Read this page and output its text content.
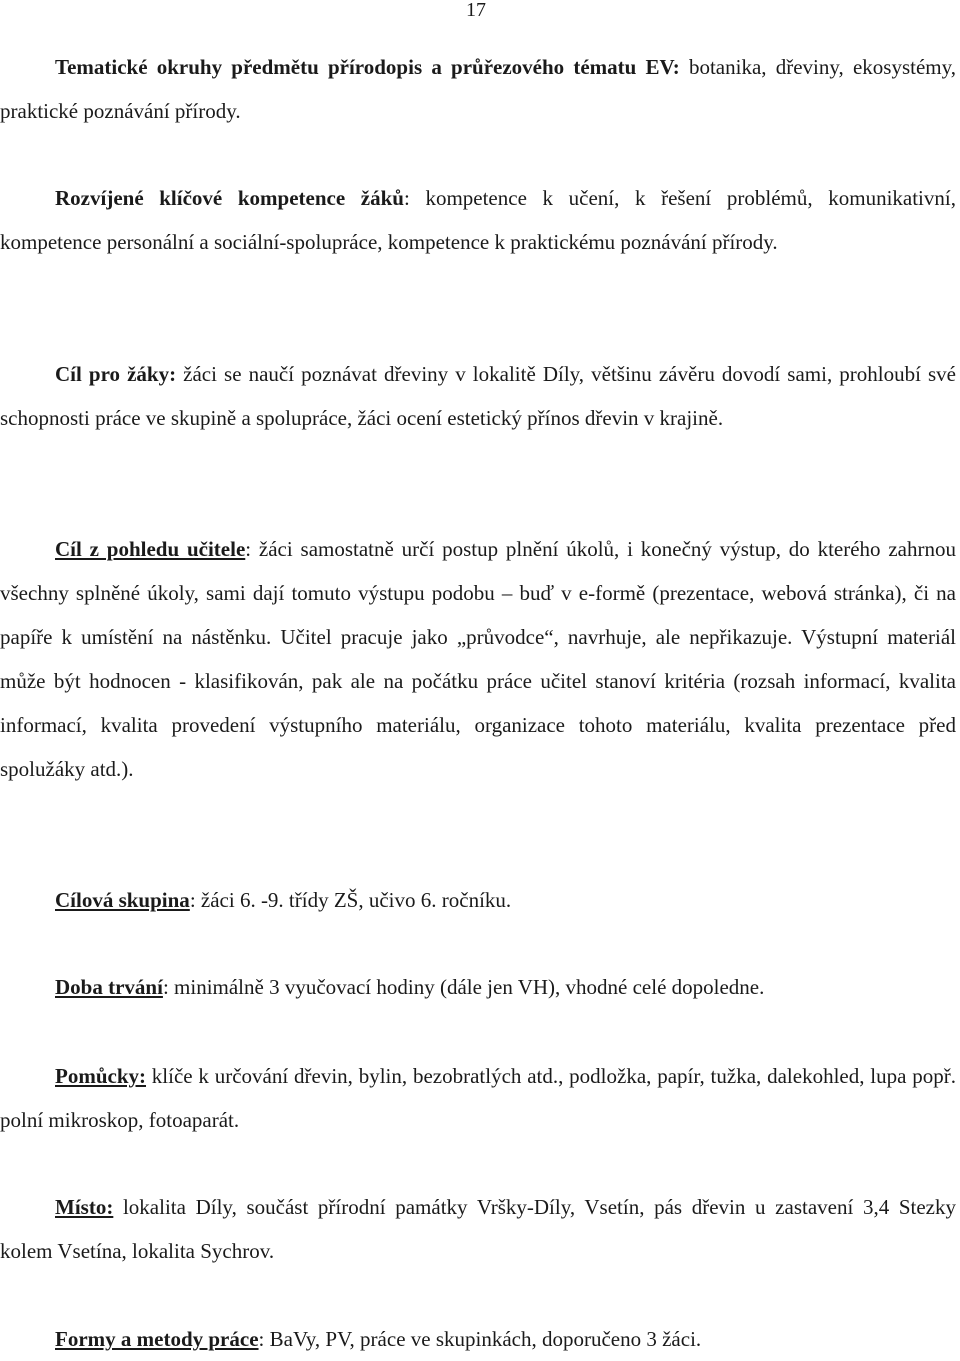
17

Tematické okruhy předmětu přírodopis a průřezového tématu EV: botanika, dřeviny, ekosystémy, praktické poznávání přírody.

Rozvíjené klíčové kompetence žáků: kompetence k učení, k řešení problémů, komunikativní, kompetence personální a sociální-spolupráce, kompetence k praktickému poznávání přírody.

Cíl pro žáky: žáci se naučí poznávat dřeviny v lokalitě Díly, většinu závěru dovodí sami, prohloubí své schopnosti práce ve skupině a spolupráce, žáci ocení estetický přínos dřevin v krajině.

Cíl z pohledu učitele: žáci samostatně určí postup plnění úkolů, i konečný výstup, do kterého zahrnou všechny splněné úkoly, sami dají tomuto výstupu podobu – buď v e-formě (prezentace, webová stránka), či na papíře k umístění na nástěnku. Učitel pracuje jako „průvodce“, navrhuje, ale nepřikazuje. Výstupní materiál může být hodnocen - klasifikován, pak ale na počátku práce učitel stanoví kritéria (rozsah informací, kvalita informací, kvalita provedení výstupního materiálu, organizace tohoto materiálu, kvalita prezentace před spolužáky atd.).

Cílová skupina: žáci 6. -9. třídy ZŠ, učivo 6. ročníku.

Doba trvání: minimálně 3 vyučovací hodiny (dále jen VH), vhodné celé dopoledne.

Pomůcky: klíče k určování dřevin, bylin, bezobratlých atd., podložka, papír, tužka, dalekohled, lupa popř. polní mikroskop, fotoaparát.

Místo: lokalita Díly, součást přírodní památky Vršky-Díly, Vsetín, pás dřevin u zastavení 3,4 Stezky kolem Vsetína, lokalita Sychrov.

Formy a metody práce: BaVy, PV, práce ve skupinkách, doporučeno 3 žáci.
